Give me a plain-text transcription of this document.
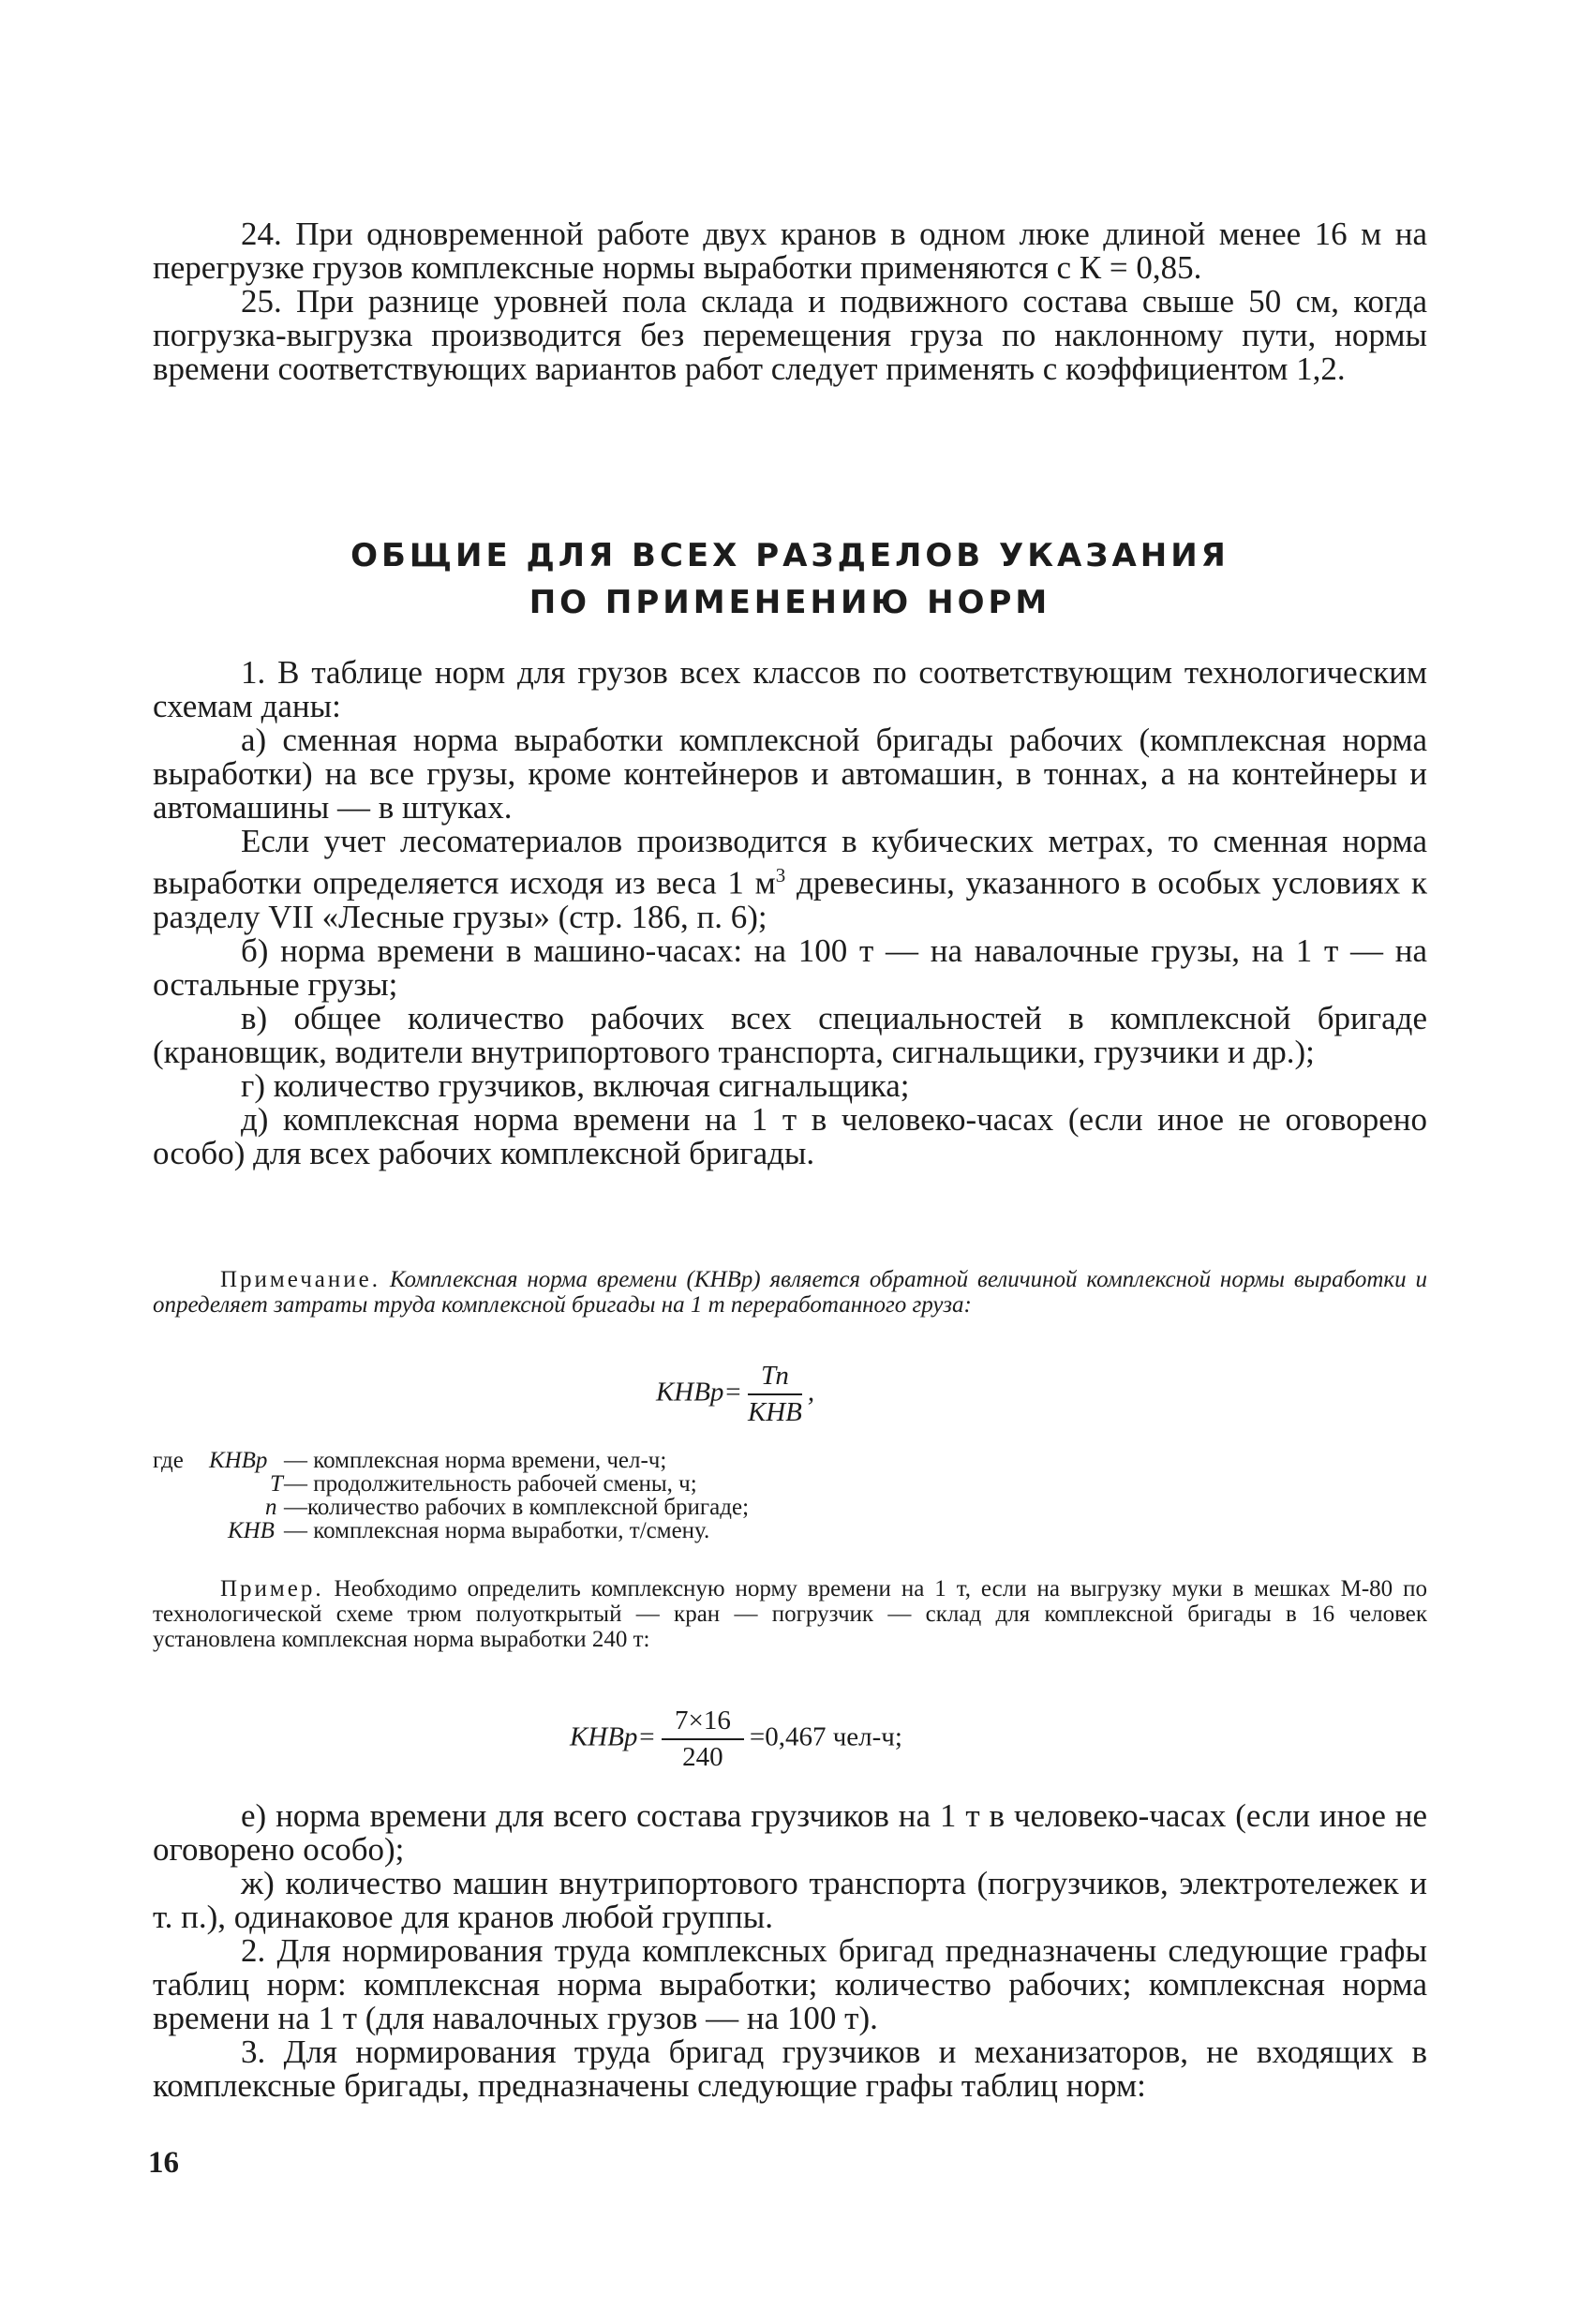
24. При одновременной работе двух кранов в одном люке длиной менее 16 м на перегрузке грузов комплексные нормы выработки применяются с К = 0,85.

25. При разнице уровней пола склада и подвижного состава свыше 50 см, когда погрузка-выгрузка производится без перемещения груза по наклонному пути, нормы времени соответствующих вариантов работ следует применять с коэффициентом 1,2.

ОБЩИЕ ДЛЯ ВСЕХ РАЗДЕЛОВ УКАЗАНИЯ
ПО ПРИМЕНЕНИЮ НОРМ

1. В таблице норм для грузов всех классов по соответствующим технологическим схемам даны:

а) сменная норма выработки комплексной бригады рабочих (комплексная норма выработки) на все грузы, кроме контейнеров и автомашин, в тоннах, а на контейнеры и автомашины — в штуках.

Если учет лесоматериалов производится в кубических метрах, то сменная норма выработки определяется исходя из веса 1 $м^3$ древесины, указанного в особых условиях к разделу VII «Лесные грузы» (стр. 186, п. 6);

б) норма времени в машино-часах: на 100 т — на навалочные грузы, на 1 т — на остальные грузы;

в) общее количество рабочих всех специальностей в комплексной бригаде (крановщик, водители внутрипортового транспорта, сигнальщики, грузчики и др.);

г) количество грузчиков, включая сигнальщика;

д) комплексная норма времени на 1 т в человеко-часах (если иное не оговорено особо) для всех рабочих комплексной бригады.

Примечание. Комплексная норма времени (КНВр) является обратной величиной комплексной нормы выработки и определяет затраты труда комплексной бригады на 1 т переработанного груза:

КНВр= $\frac{Тп}{\text{КНВ}}$ ,
где КНВр — комплексная норма времени, чел-ч;
Т — продолжительность рабочей смены, ч;
п —количество рабочих в комплексной бригаде;
КНВ — комплексная норма выработки, т/смену.

Пример. Необходимо определить комплексную норму времени на 1 т, если на выгрузку муки в мешках М-80 по технологической схеме трюм полуоткрытый — кран — погрузчик — склад для комплексной бригады в 16 человек установлена комплексная норма выработки 240 т:

КНВр= $\frac{7\times 16}{240} =0,467$ чел-ч;

е) норма времени для всего состава грузчиков на 1 т в человеко-часах (если иное не оговорено особо);

ж) количество машин внутрипортового транспорта (погрузчиков, электротележек и т. п.), одинаковое для кранов любой группы.

2. Для нормирования труда комплексных бригад предназначены следующие графы таблиц норм: комплексная норма выработки; количество рабочих; комплексная норма времени на 1 т (для навалочных грузов — на 100 т).

3. Для нормирования труда бригад грузчиков и механизаторов, не входящих в комплексные бригады, предназначены следующие графы таблиц норм:

16
